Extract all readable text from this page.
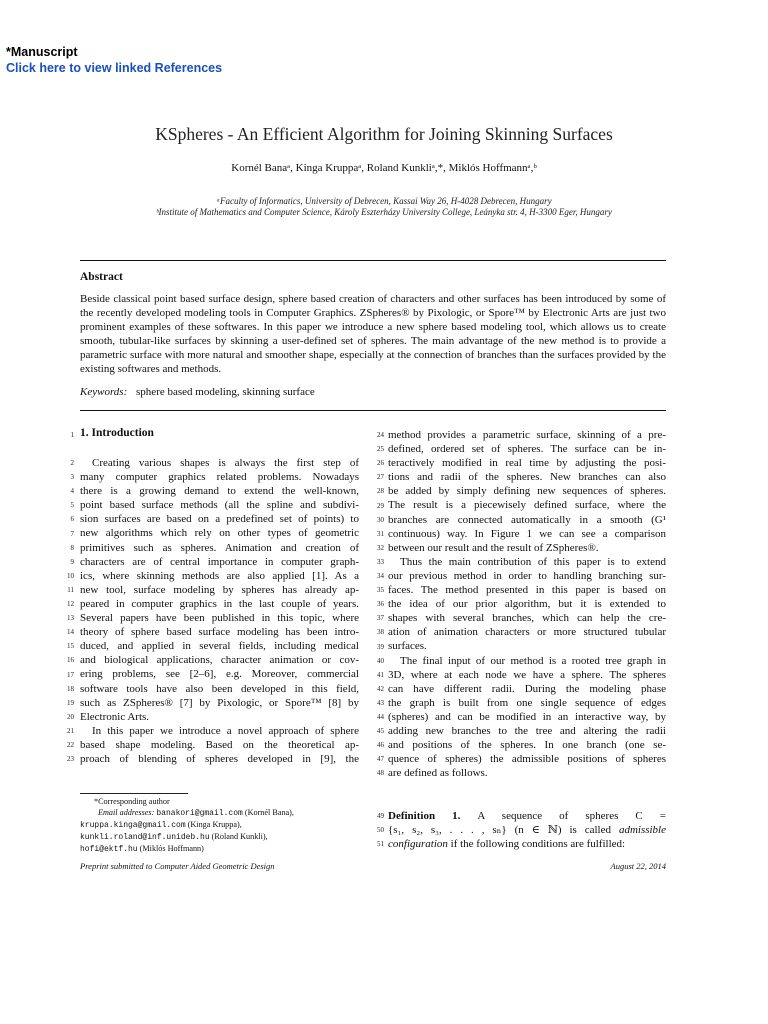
*Manuscript
Click here to view linked References
KSpheres - An Efficient Algorithm for Joining Skinning Surfaces
Kornél Banaᵃ, Kinga Kruppaᵃ, Roland Kunkliᵃ,*, Miklós Hoffmannᵃ,ᵇ
ᵃFaculty of Informatics, University of Debrecen, Kassai Way 26, H-4028 Debrecen, Hungary
ᵇInstitute of Mathematics and Computer Science, Károly Eszterházy University College, Leányka str. 4, H-3300 Eger, Hungary
Abstract
Beside classical point based surface design, sphere based creation of characters and other surfaces has been introduced by some of the recently developed modeling tools in Computer Graphics. ZSpheres® by Pixologic, or Spore™ by Electronic Arts are just two prominent examples of these softwares. In this paper we introduce a new sphere based modeling tool, which allows us to create smooth, tubular-like surfaces by skinning a user-defined set of spheres. The main advantage of the new method is to provide a parametric surface with more natural and smoother shape, especially at the connection of branches than the surfaces provided by the existing softwares and methods.
Keywords: sphere based modeling, skinning surface
1 1. Introduction
2
3
4
5
6
7
8
9
10
11
12
13
14
15
16
17
18
19
20
21
22
23
Creating various shapes is always the first step of
many computer graphics related problems. Nowadays
there is a growing demand to extend the well-known,
point based surface methods (all the spline and subdivi-
sion surfaces are based on a predefined set of points) to
new algorithms which rely on other types of geometric
primitives such as spheres. Animation and creation of
characters are of central importance in computer graph-
ics, where skinning methods are also applied [1]. As a
new tool, surface modeling by spheres has already ap-
peared in computer graphics in the last couple of years.
Several papers have been published in this topic, where
theory of sphere based surface modeling has been intro-
duced, and applied in several fields, including medical
and biological applications, character animation or cov-
ering problems, see [2–6], e.g. Moreover, commercial
software tools have also been developed in this field,
such as ZSpheres® [7] by Pixologic, or Spore™ [8] by
Electronic Arts.
In this paper we introduce a novel approach of sphere
based shape modeling. Based on the theoretical ap-
proach of blending of spheres developed in [9], the
24
25
26
27
28
29
30
31
32
33
34
35
36
37
38
39
40
41
42
43
44
45
46
47
48
49
50
51
method provides a parametric surface, skinning of a pre-
defined, ordered set of spheres. The surface can be in-
teractively modified in real time by adjusting the posi-
tions and radii of the spheres. New branches can also
be added by simply defining new sequences of spheres.
The result is a piecewisely defined surface, where the
branches are connected automatically in a smooth (G¹
continuous) way. In Figure 1 we can see a comparison
between our result and the result of ZSpheres®.
Thus the main contribution of this paper is to extend
our previous method in order to handling branching sur-
faces. The method presented in this paper is based on
the idea of our prior algorithm, but it is extended to
shapes with several branches, which can help the cre-
ation of animation characters or more structured tubular
surfaces.
The final input of our method is a rooted tree graph in
3D, where at each node we have a sphere. The spheres
can have different radii. During the modeling phase
the graph is built from one single sequence of edges
(spheres) and can be modified in an interactive way, by
adding new branches to the tree and altering the radii
and positions of the spheres. In one branch (one se-
quence of spheres) the admissible positions of spheres
are defined as follows.
Definition 1. A sequence of spheres C =
{s₁, s₂, s₃, . . . , sₙ} (n ∈ ℕ) is called admissible
configuration if the following conditions are fulfilled:
*Corresponding author
Email addresses: banakori@gmail.com (Kornél Bana),
kruppa.kinga@gmail.com (Kinga Kruppa),
kunkli.roland@inf.unideb.hu (Roland Kunkli),
hofi@ektf.hu (Miklós Hoffmann)
Preprint submitted to Computer Aided Geometric Design	August 22, 2014
